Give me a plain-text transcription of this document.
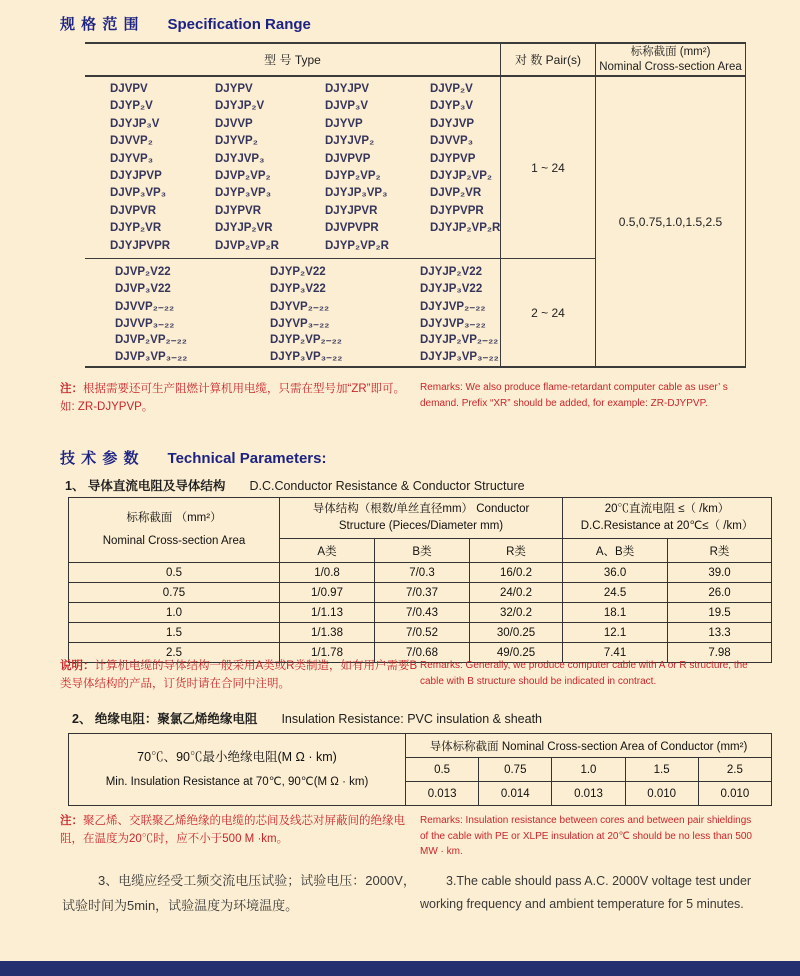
规 格 范 围 Specification Range
型 号 Type	对 数 Pair(s)
标称截面 (mm²)
Nominal Cross-section Area
DJVPV	DJYPV	DJYJPV	DJVP₂V
DJYP₂V	DJYJP₂V	DJVP₃V	DJYP₃V
DJYJP₃V	DJVVP	DJYVP	DJYJVP
DJVVP₂	DJYVP₂	DJYJVP₂	DJVVP₃
DJYVP₃	DJYJVP₃	DJVPVP	DJYPVP
DJYJPVP	DJVP₂VP₂	DJYP₂VP₂	DJYJP₂VP₂
DJVP₃VP₃	DJYP₃VP₃	DJYJP₃VP₃	DJVP₂VR
DJVPVR	DJYPVR	DJYJPVR	DJYPVPR
DJYP₂VR	DJYJP₂VR	DJVPVPR	DJYJP₂VP₂R
DJYJPVPR	DJVP₂VP₂R	DJYP₂VP₂R
1 ~ 24
0.5,0.75,1.0,1.5,2.5
DJVP₂V22	DJYP₂V22	DJYJP₂V22
DJVP₃V22	DJYP₃V22	DJYJP₃V22
DJVVP₂₋₂₂	DJYVP₂₋₂₂	DJYJVP₂₋₂₂
DJVVP₃₋₂₂	DJYVP₃₋₂₂	DJYJVP₃₋₂₂
DJVP₂VP₂₋₂₂	DJYP₂VP₂₋₂₂	DJYJP₂VP₂₋₂₂
DJVP₃VP₃₋₂₂	DJYP₃VP₃₋₂₂	DJYJP₃VP₃₋₂₂
2 ~ 24
注：根据需要还可生产阻燃计算机用电缆，只需在型号加“ZR”即可。如: ZR-DJYPVP。
Remarks: We also produce flame-retardant computer cable as user’ s demand. Prefix “XR” should be added, for example: ZR-DJYPVP.
技 术 参 数 Technical Parameters:
1、 导体直流电阻及导体结构 D.C.Conductor Resistance & Conductor Structure
标称截面 （mm²）
Nominal Cross-section Area

导体结构（根数/单丝直径mm） Conductor
Structure (Pieces/Diameter mm)

20℃直流电阻 ≤（ /km）
D.C.Resistance at 20℃≤（ /km）

	A类	B类	R类	A、B类	R类
0.5	1/0.8	7/0.3	16/0.2	36.0	39.0
0.75	1/0.97	7/0.37	24/0.2	24.5	26.0
1.0	1/1.13	7/0.43	32/0.2	18.1	19.5
1.5	1/1.38	7/0.52	30/0.25	12.1	13.3
2.5	1/1.78	7/0.68	49/0.25	7.41	7.98
说明：计算机电缆的导体结构一般采用A类或R类制造，如有用户需要B类导体结构的产品，订货时请在合同中注明。
Remarks: Generally, we produce computer cable with A or R structure, the cable with B structure should be indicated in contract.
2、 绝缘电阻：聚氯乙烯绝缘电阻 Insulation Resistance: PVC insulation & sheath
70℃、90℃最小绝缘电阻(M Ω · km)
Min. Insulation Resistance at 70℃, 90℃(M Ω · km)	导体标称截面 Nominal Cross-section Area of Conductor (mm²)				
	0.5	0.75	1.0	1.5	2.5
	0.013	0.014	0.013	0.010	0.010
注：聚乙烯、交联聚乙烯绝缘的电缆的芯间及线芯对屏蔽间的绝缘电阻，在温度为20℃时，应不小于500 M ·km。
Remarks: Insulation resistance between cores and between pair shieldings of the cable with PE or XLPE insulation at 20℃ should be no less than 500 MW · km.
3、电缆应经受工频交流电压试验；试验电压：2000V，试验时间为5min，试验温度为环境温度。
3.The cable should pass A.C. 2000V voltage test under working frequency and ambient temperature for 5 minutes.
